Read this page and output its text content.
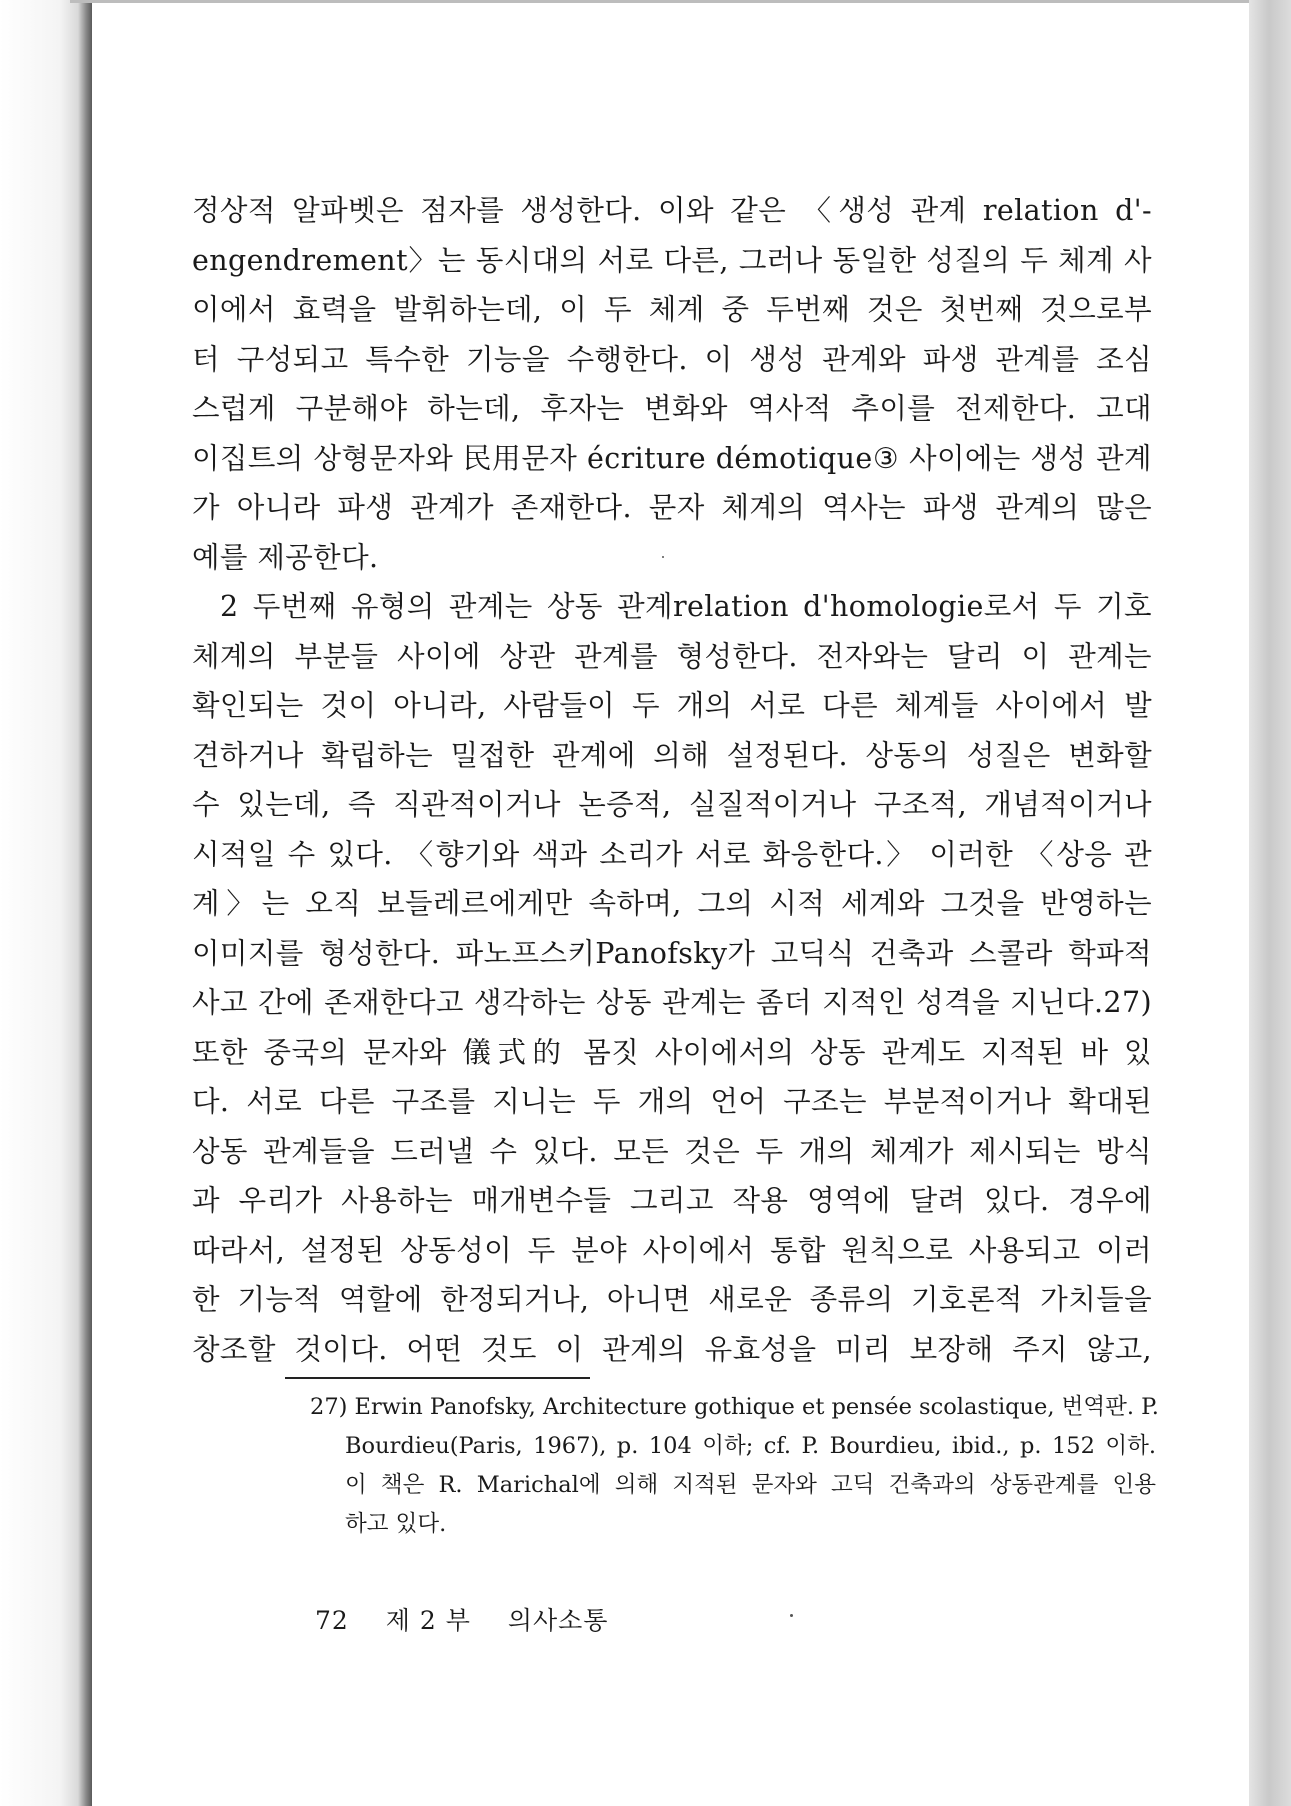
정상적 알파벳은 점자를 생성한다. 이와 같은 〈생성 관계 relation d'-
engendrement〉는 동시대의 서로 다른, 그러나 동일한 성질의 두 체계 사
이에서 효력을 발휘하는데, 이 두 체계 중 두번째 것은 첫번째 것으로부
터 구성되고 특수한 기능을 수행한다. 이 생성 관계와 파생 관계를 조심
스럽게 구분해야 하는데, 후자는 변화와 역사적 추이를 전제한다. 고대
이집트의 상형문자와 民用문자 écriture démotique③ 사이에는 생성 관계
가 아니라 파생 관계가 존재한다. 문자 체계의 역사는 파생 관계의 많은
예를 제공한다.
2 두번째 유형의 관계는 상동 관계relation d'homologie로서 두 기호
체계의 부분들 사이에 상관 관계를 형성한다. 전자와는 달리 이 관계는
확인되는 것이 아니라, 사람들이 두 개의 서로 다른 체계들 사이에서 발
견하거나 확립하는 밀접한 관계에 의해 설정된다. 상동의 성질은 변화할
수 있는데, 즉 직관적이거나 논증적, 실질적이거나 구조적, 개념적이거나
시적일 수 있다. 〈향기와 색과 소리가 서로 화응한다.〉 이러한 〈상응 관
계〉는 오직 보들레르에게만 속하며, 그의 시적 세계와 그것을 반영하는
이미지를 형성한다. 파노프스키Panofsky가 고딕식 건축과 스콜라 학파적
사고 간에 존재한다고 생각하는 상동 관계는 좀더 지적인 성격을 지닌다.27)
또한 중국의 문자와 儀式的 몸짓 사이에서의 상동 관계도 지적된 바 있
다. 서로 다른 구조를 지니는 두 개의 언어 구조는 부분적이거나 확대된
상동 관계들을 드러낼 수 있다. 모든 것은 두 개의 체계가 제시되는 방식
과 우리가 사용하는 매개변수들 그리고 작용 영역에 달려 있다. 경우에
따라서, 설정된 상동성이 두 분야 사이에서 통합 원칙으로 사용되고 이러
한 기능적 역할에 한정되거나, 아니면 새로운 종류의 기호론적 가치들을
창조할 것이다. 어떤 것도 이 관계의 유효성을 미리 보장해 주지 않고,
27) Erwin Panofsky, Architecture gothique et pensée scolastique, 번역판. P.
Bourdieu(Paris, 1967), p. 104 이하; cf. P. Bourdieu, ibid., p. 152 이하.
이 책은 R. Marichal에 의해 지적된 문자와 고딕 건축과의 상동관계를 인용
하고 있다.
72 제 2 부 의사소통
